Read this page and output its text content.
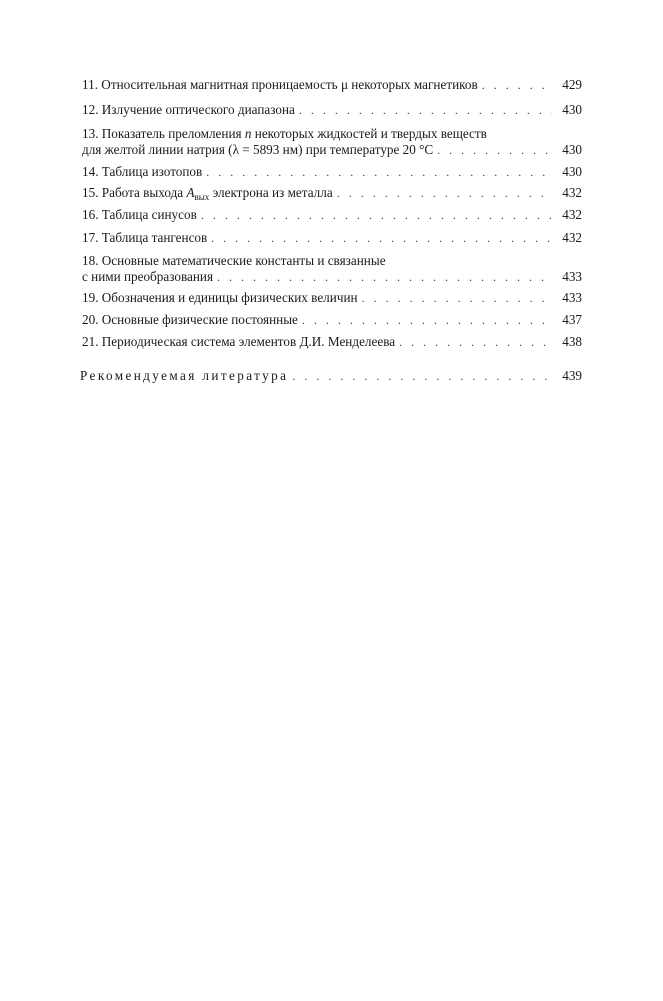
11. Относительная магнитная проницаемость μ некоторых магнетиков . . .	429
12. Излучение оптического диапазона . . .	430
13. Показатель преломления n некоторых жидкостей и твердых веществ
для желтой линии натрия (λ = 5893 нм) при температуре 20 °С . . .	430
14. Таблица изотопов . . .	430
15. Работа выхода $A_{вых}$ электрона из металла . . .	432
16. Таблица синусов . . .	432
17. Таблица тангенсов . . .	432
18. Основные математические константы и связанные
с ними преобразования . . .	433
19. Обозначения и единицы физических величин . . .	433
20. Основные физические постоянные . . .	437
21. Периодическая система элементов Д.И. Менделеева . . .	438
Рекомендуемая литература . . .	439
